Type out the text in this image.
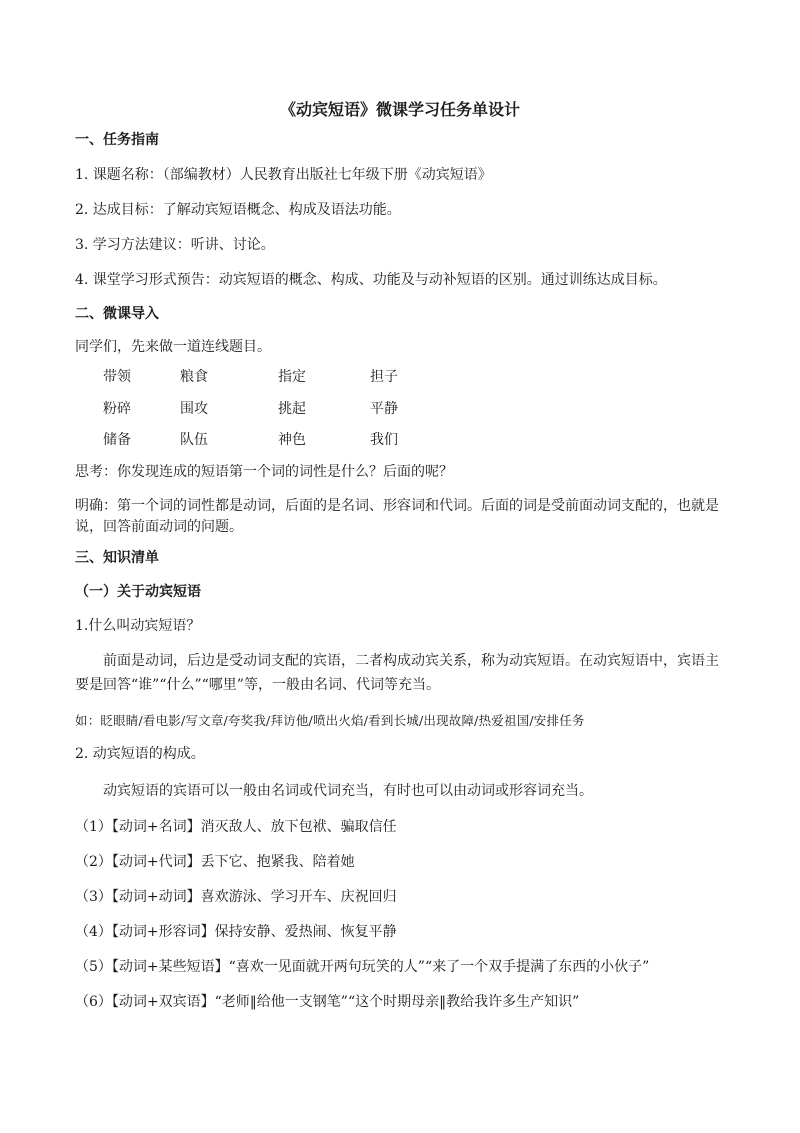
《动宾短语》微课学习任务单设计
一、任务指南
1. 课题名称：（部编教材）人民教育出版社七年级下册《动宾短语》
2. 达成目标：了解动宾短语概念、构成及语法功能。
3. 学习方法建议：听讲、讨论。
4. 课堂学习形式预告：动宾短语的概念、构成、功能及与动补短语的区别。通过训练达成目标。
二、微课导入
同学们，先来做一道连线题目。
带领	粮食	指定	担子
粉碎	围攻	挑起	平静
储备	队伍	神色	我们
思考：你发现连成的短语第一个词的词性是什么？后面的呢？
明确：第一个词的词性都是动词，后面的是名词、形容词和代词。后面的词是受前面动词支配的，也就是
说，回答前面动词的问题。
三、知识清单
（一）关于动宾短语
1.什么叫动宾短语？
前面是动词，后边是受动词支配的宾语，二者构成动宾关系，称为动宾短语。在动宾短语中，宾语主
要是回答“谁”“什么”“哪里”等，一般由名词、代词等充当。
如：眨眼睛/看电影/写文章/夸奖我/拜访他/喷出火焰/看到长城/出现故障/热爱祖国/安排任务
2. 动宾短语的构成。
动宾短语的宾语可以一般由名词或代词充当，有时也可以由动词或形容词充当。
（1）【动词+名词】消灭敌人、放下包袱、骗取信任
（2）【动词+代词】丢下它、抱紧我、陪着她
（3）【动词+动词】喜欢游泳、学习开车、庆祝回归
（4）【动词+形容词】保持安静、爱热闹、恢复平静
（5）【动词+某些短语】“喜欢一见面就开两句玩笑的人”“来了一个双手提满了东西的小伙子”
（6）【动词+双宾语】“老师‖给他一支钢笔”“这个时期母亲‖教给我许多生产知识”
